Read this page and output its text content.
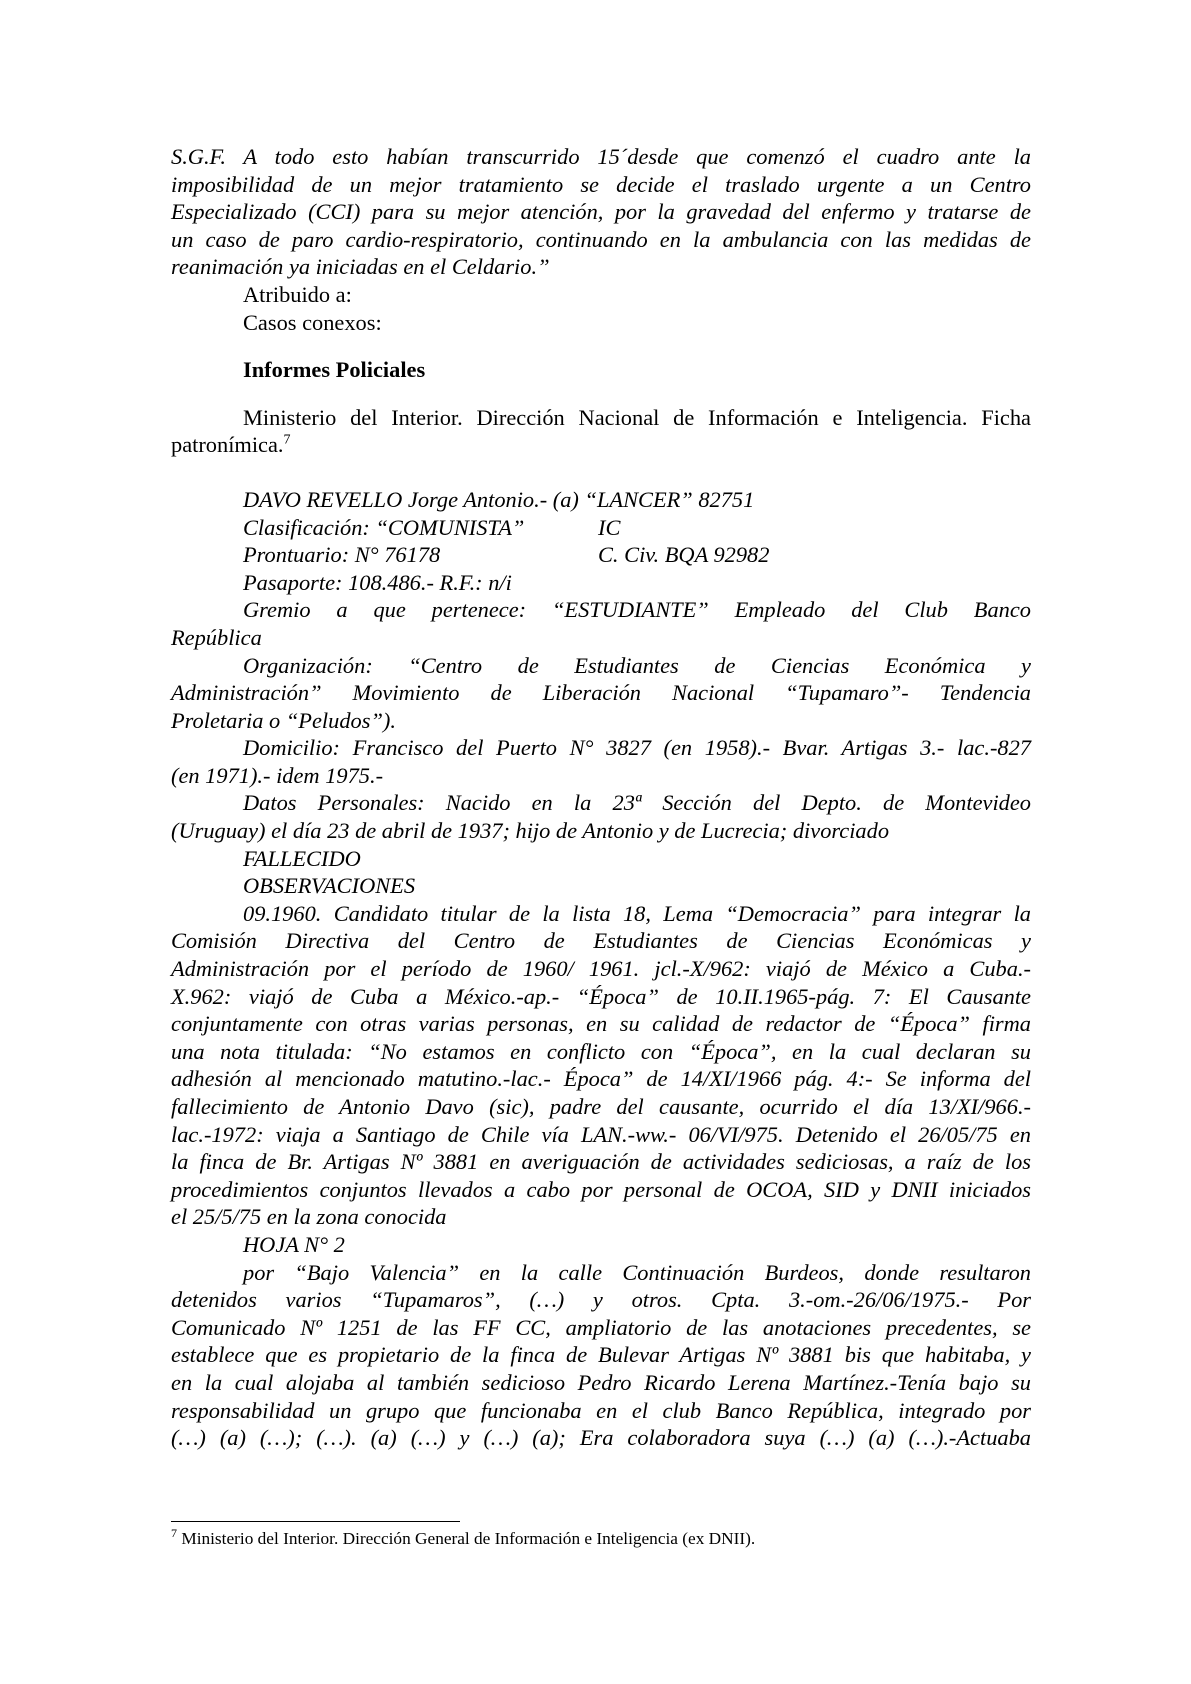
S.G.F. A todo esto habían transcurrido 15´desde que comenzó el cuadro ante la

imposibilidad de un mejor tratamiento se decide el traslado urgente a un Centro

Especializado (CCI) para su mejor atención, por la gravedad del enfermo y tratarse de

un caso de paro cardio-respiratorio, continuando en la ambulancia con las medidas de

reanimación ya iniciadas en el Celdario.”

Atribuido a:

Casos conexos:

Informes Policiales

Ministerio del Interior. Dirección Nacional de Información e Inteligencia. Ficha

patronímica.$^7$

DAVO REVELLO Jorge Antonio.- (a) “LANCER” 82751

Clasificación: “COMUNISTA”	IC

Prontuario: N° 76178	C. Civ. BQA 92982

Pasaporte: 108.486.- R.F.: n/i

Gremio a que pertenece: “ESTUDIANTE” Empleado del Club Banco

República

Organización: “Centro de Estudiantes de Ciencias Económica y

Administración” Movimiento de Liberación Nacional “Tupamaro”- Tendencia

Proletaria o “Peludos”).

Domicilio: Francisco del Puerto N° 3827 (en 1958).- Bvar. Artigas 3.- lac.-827

(en 1971).- idem 1975.-

Datos Personales: Nacido en la 23ª Sección del Depto. de Montevideo

(Uruguay) el día 23 de abril de 1937; hijo de Antonio y de Lucrecia; divorciado

FALLECIDO

OBSERVACIONES

09.1960. Candidato titular de la lista 18, Lema “Democracia” para integrar la

Comisión Directiva del Centro de Estudiantes de Ciencias Económicas y

Administración por el período de 1960/ 1961. jcl.-X/962: viajó de México a Cuba.-

X.962: viajó de Cuba a México.-ap.- “Época” de 10.II.1965-pág. 7: El Causante

conjuntamente con otras varias personas, en su calidad de redactor de “Época” firma

una nota titulada: “No estamos en conflicto con “Época”, en la cual declaran su

adhesión al mencionado matutino.-lac.- Época” de 14/XI/1966 pág. 4:- Se informa del

fallecimiento de Antonio Davo (sic), padre del causante, ocurrido el día 13/XI/966.-

lac.-1972: viaja a Santiago de Chile vía LAN.-ww.- 06/VI/975. Detenido el 26/05/75 en

la finca de Br. Artigas Nº 3881 en averiguación de actividades sediciosas, a raíz de los

procedimientos conjuntos llevados a cabo por personal de OCOA, SID y DNII iniciados

el 25/5/75 en la zona conocida

HOJA N° 2

por “Bajo Valencia” en la calle Continuación Burdeos, donde resultaron

detenidos varios “Tupamaros”, (…) y otros. Cpta. 3.-om.-26/06/1975.- Por

Comunicado Nº 1251 de las FF CC, ampliatorio de las anotaciones precedentes, se

establece que es propietario de la finca de Bulevar Artigas Nº 3881 bis que habitaba, y

en la cual alojaba al también sedicioso Pedro Ricardo Lerena Martínez.-Tenía bajo su

responsabilidad un grupo que funcionaba en el club Banco República, integrado por

(…) (a) (…); (…). (a) (…) y (…) (a); Era colaboradora suya (…) (a) (…).-Actuaba

$^7$ Ministerio del Interior. Dirección General de Información e Inteligencia (ex DNII).
